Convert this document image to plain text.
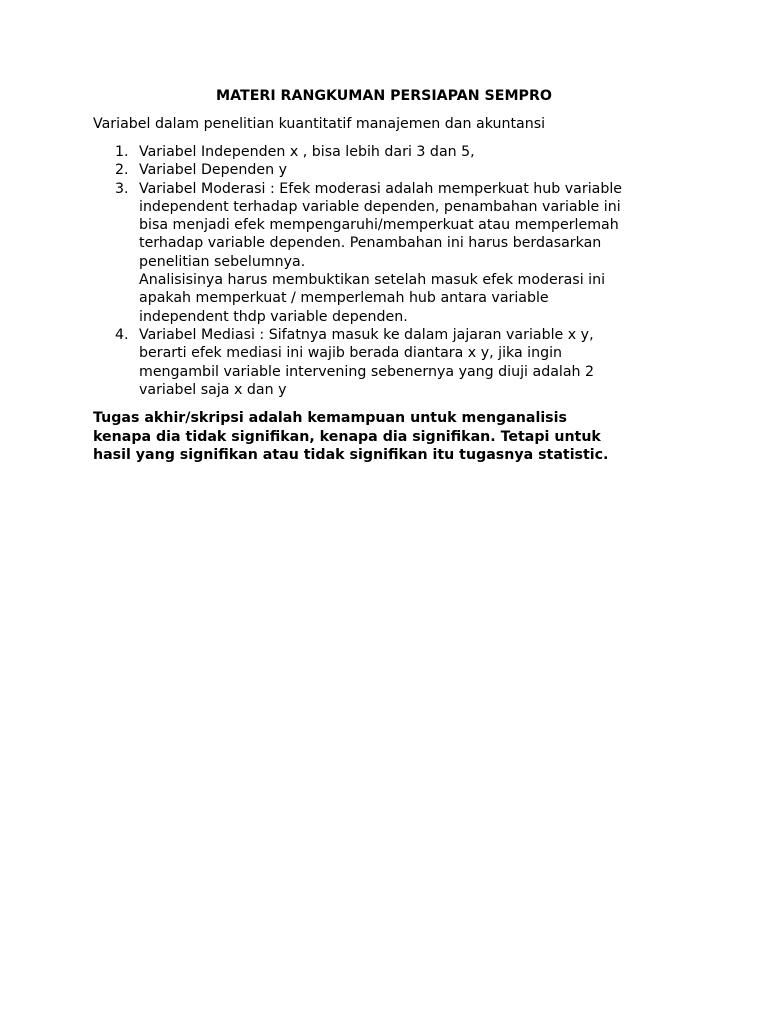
MATERI RANGKUMAN PERSIAPAN SEMPRO
Variabel dalam penelitian kuantitatif manajemen dan akuntansi
1. Variabel Independen x , bisa lebih dari 3 dan 5,
2. Variabel Dependen y
3. Variabel Moderasi : Efek moderasi adalah memperkuat hub variable
independent terhadap variable dependen, penambahan variable ini
bisa menjadi efek mempengaruhi/memperkuat atau memperlemah
terhadap variable dependen. Penambahan ini harus berdasarkan
penelitian sebelumnya.
Analisisinya harus membuktikan setelah masuk efek moderasi ini
apakah memperkuat / memperlemah hub antara variable
independent thdp variable dependen.
4. Variabel Mediasi : Sifatnya masuk ke dalam jajaran variable x y,
berarti efek mediasi ini wajib berada diantara x y, jika ingin
mengambil variable intervening sebenernya yang diuji adalah 2
variabel saja x dan y
Tugas akhir/skripsi adalah kemampuan untuk menganalisis
kenapa dia tidak signifikan, kenapa dia signifikan. Tetapi untuk
hasil yang signifikan atau tidak signifikan itu tugasnya statistic.
